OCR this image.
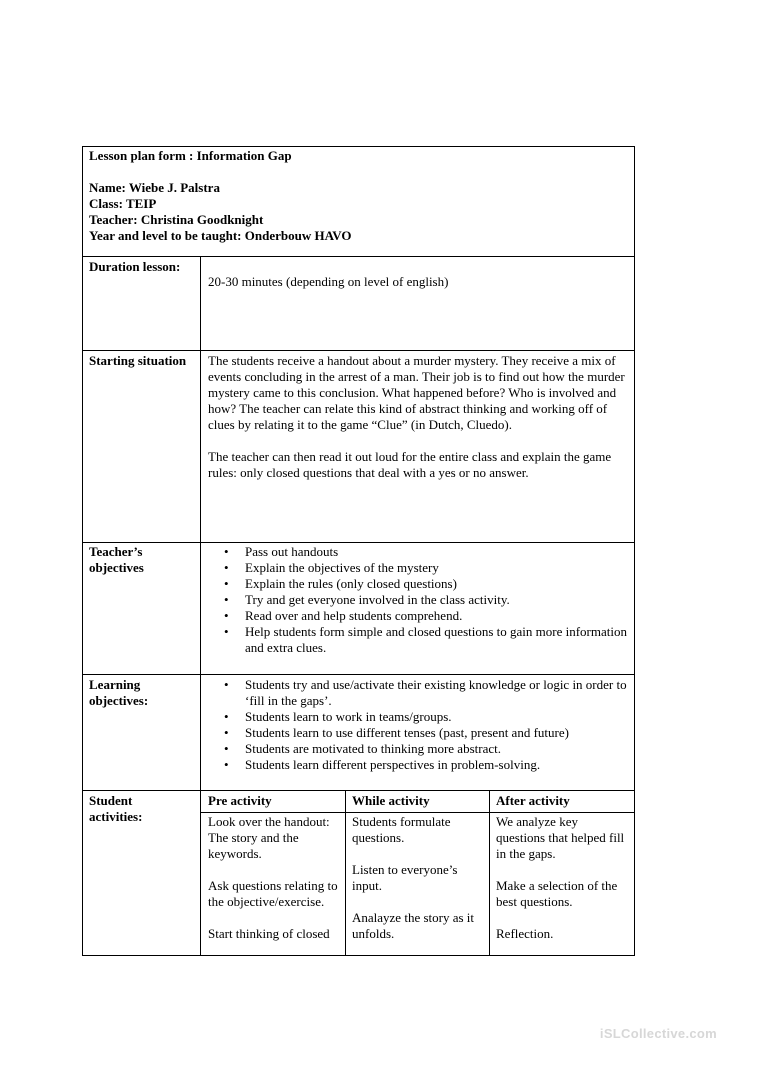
Lesson plan form : Information Gap

Name: Wiebe J. Palstra

Class: TEIP

Teacher: Christina Goodknight

Year and level to be taught: Onderbouw HAVO

Duration lesson:
20-30 minutes (depending on level of english)
Starting situation The students receive a handout about a murder mystery. They receive a mix of events concluding in the arrest of a man. Their job is to find out how the murder mystery came to this conclusion. What happened before? Who is involved and how? The teacher can relate this kind of abstract thinking and working off of clues by relating it to the game “Clue” (in Dutch, Cluedo).

The teacher can then read it out loud for the entire class and explain the game rules: only closed questions that deal with a yes or no answer.

Teacher’s objectives
• Pass out handouts
• Explain the objectives of the mystery
• Explain the rules (only closed questions)
• Try and get everyone involved in the class activity.
• Read over and help students comprehend.
• Help students form simple and closed questions to gain more information and extra clues.
Learning objectives:
• Students try and use/activate their existing knowledge or logic in order to ‘fill in the gaps’.
• Students learn to work in teams/groups.
• Students learn to use different tenses (past, present and future)
• Students are motivated to thinking more abstract.
• Students learn different perspectives in problem-solving.
Student activities:
Pre activity	While activity	After activity

Look over the handout: The story and the keywords.

Ask questions relating to the objective/exercise.

Start thinking of closed

Students formulate questions.

Listen to everyone’s input.

Analayze the story as it unfolds.

We analyze key questions that helped fill in the gaps.

Make a selection of the best questions.

Reflection.

iSLCollective.com
